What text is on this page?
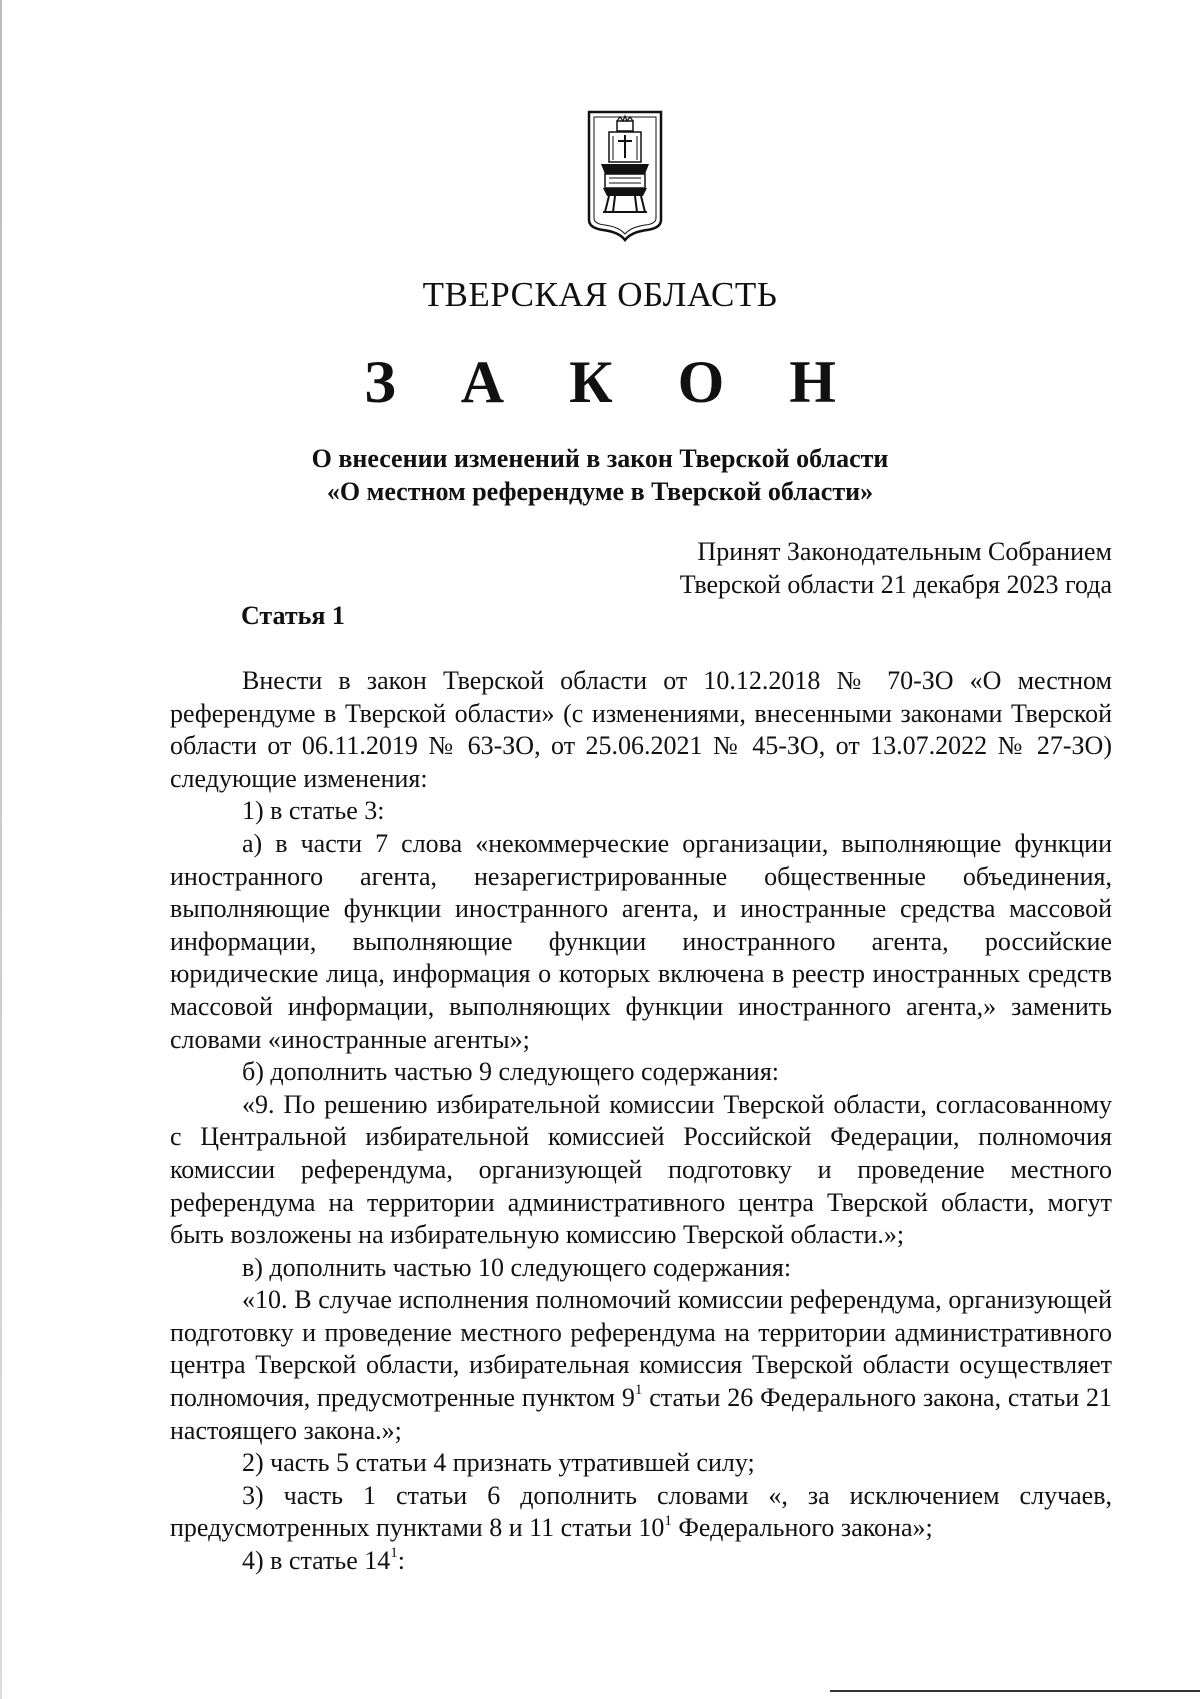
ТВЕРСКАЯ ОБЛАСТЬ
З А К О Н
О внесении изменений в закон Тверской области
«О местном референдуме в Тверской области»
Принят Законодательным Собранием
Тверской области 21 декабря 2023 года
Статья 1

Внести в закон Тверской области от 10.12.2018 № 70-ЗО «О местном референдуме в Тверской области» (с изменениями, внесенными законами Тверской области от 06.11.2019 № 63-ЗО, от 25.06.2021 № 45-ЗО, от 13.07.2022 № 27-ЗО) следующие изменения:

1) в статье 3:

а) в части 7 слова «некоммерческие организации, выполняющие функции иностранного агента, незарегистрированные общественные объединения, выполняющие функции иностранного агента, и иностранные средства массовой информации, выполняющие функции иностранного агента, российские юридические лица, информация о которых включена в реестр иностранных средств массовой информации, выполняющих функции иностранного агента,» заменить словами «иностранные агенты»;

б) дополнить частью 9 следующего содержания:

«9. По решению избирательной комиссии Тверской области, согласованному с Центральной избирательной комиссией Российской Федерации, полномочия комиссии референдума, организующей подготовку и проведение местного референдума на территории административного центра Тверской области, могут быть возложены на избирательную комиссию Тверской области.»;

в) дополнить частью 10 следующего содержания:

«10. В случае исполнения полномочий комиссии референдума, организующей подготовку и проведение местного референдума на территории административного центра Тверской области, избирательная комиссия Тверской области осуществляет полномочия, предусмотренные пунктом $9^1$ статьи 26 Федерального закона, статьи 21 настоящего закона.»;

2) часть 5 статьи 4 признать утратившей силу;

3) часть 1 статьи 6 дополнить словами «, за исключением случаев, предусмотренных пунктами 8 и 11 статьи $10^1$ Федерального закона»;

4) в статье $14^1$:
